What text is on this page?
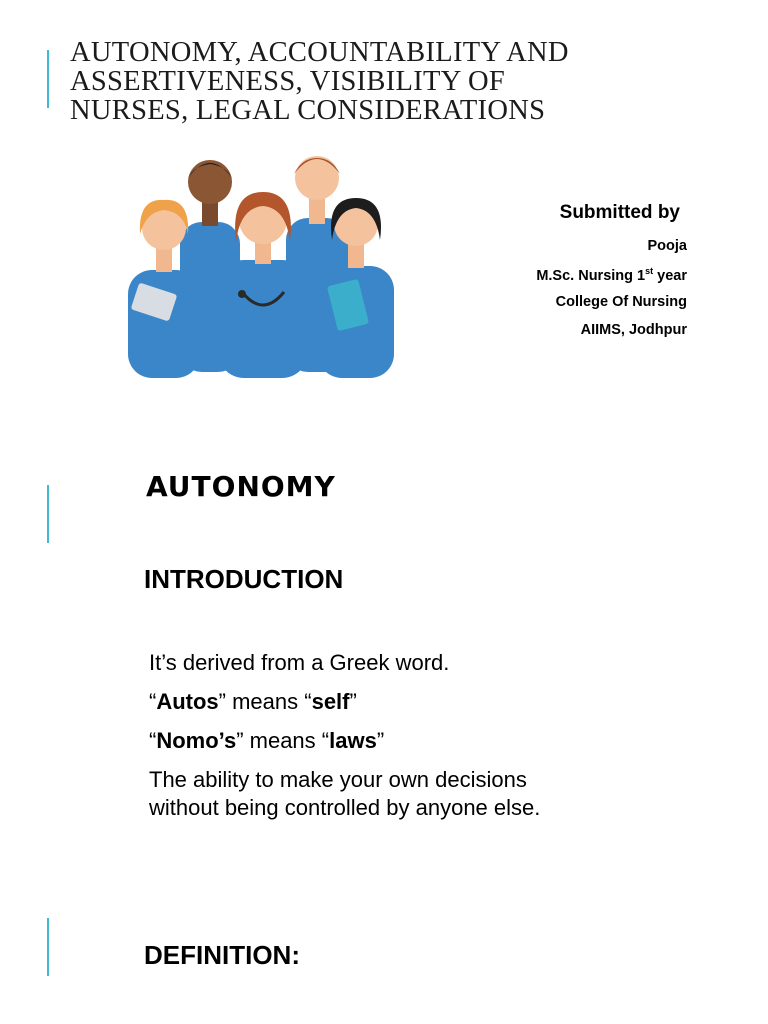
AUTONOMY, ACCOUNTABILITY AND
ASSERTIVENESS, VISIBILITY OF
NURSES, LEGAL CONSIDERATIONS
Submitted by
Pooja
M.Sc. Nursing 1st year
College Of Nursing
AIIMS, Jodhpur
AUTONOMY
INTRODUCTION
It’s derived from a Greek word.
“Autos” means “self”
“Nomo’s” means “laws”
The ability to make your own decisions
without being controlled by anyone else.
DEFINITION:
